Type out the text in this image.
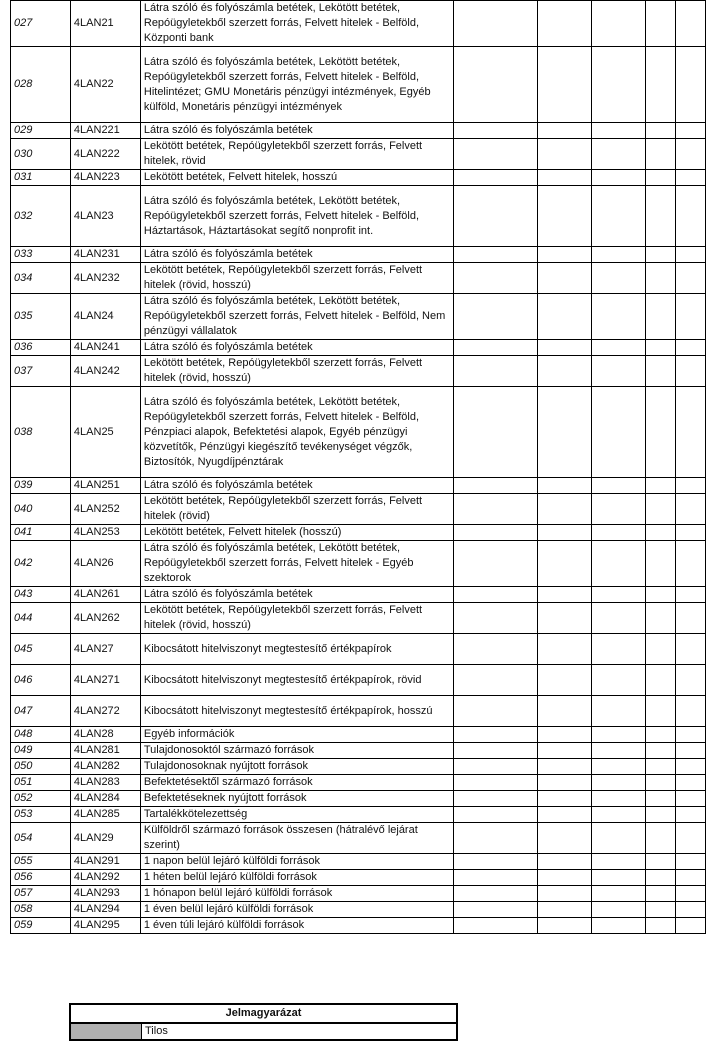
027	4LAN21	Látra szóló és folyószámla betétek, Lekötött betétek, Repóügyletekből szerzett forrás, Felvett hitelek - Belföld, Központi bank					
028	4LAN22	Látra szóló és folyószámla betétek, Lekötött betétek, Repóügyletekből szerzett forrás, Felvett hitelek - Belföld, Hitelintézet; GMU Monetáris pénzügyi intézmények, Egyéb külföld, Monetáris pénzügyi intézmények					
029	4LAN221	Látra szóló és folyószámla betétek					
030	4LAN222	Lekötött betétek, Repóügyletekből szerzett forrás, Felvett hitelek, rövid					
031	4LAN223	Lekötött betétek, Felvett hitelek, hosszú					
032	4LAN23	Látra szóló és folyószámla betétek, Lekötött betétek, Repóügyletekből szerzett forrás, Felvett hitelek - Belföld, Háztartások, Háztartásokat segítő nonprofit int.					
033	4LAN231	Látra szóló és folyószámla betétek					
034	4LAN232	Lekötött betétek, Repóügyletekből szerzett forrás, Felvett hitelek (rövid, hosszú)					
035	4LAN24	Látra szóló és folyószámla betétek, Lekötött betétek, Repóügyletekből szerzett forrás, Felvett hitelek - Belföld, Nem pénzügyi vállalatok					
036	4LAN241	Látra szóló és folyószámla betétek					
037	4LAN242	Lekötött betétek, Repóügyletekből szerzett forrás, Felvett hitelek (rövid, hosszú)					
038	4LAN25	Látra szóló és folyószámla betétek, Lekötött betétek, Repóügyletekből szerzett forrás, Felvett hitelek - Belföld, Pénzpiaci alapok, Befektetési alapok, Egyéb pénzügyi közvetítők, Pénzügyi kiegészítő tevékenységet végzők, Biztosítók, Nyugdíjpénztárak					
039	4LAN251	Látra szóló és folyószámla betétek					
040	4LAN252	Lekötött betétek, Repóügyletekből szerzett forrás, Felvett hitelek (rövid)					
041	4LAN253	Lekötött betétek, Felvett hitelek (hosszú)					
042	4LAN26	Látra szóló és folyószámla betétek, Lekötött betétek, Repóügyletekből szerzett forrás, Felvett hitelek - Egyéb szektorok					
043	4LAN261	Látra szóló és folyószámla betétek					
044	4LAN262	Lekötött betétek, Repóügyletekből szerzett forrás, Felvett hitelek (rövid, hosszú)					
045	4LAN27	Kibocsátott hitelviszonyt megtestesítő értékpapírok					
046	4LAN271	Kibocsátott hitelviszonyt megtestesítő értékpapírok, rövid					
047	4LAN272	Kibocsátott hitelviszonyt megtestesítő értékpapírok, hosszú					
048	4LAN28	Egyéb információk					
049	4LAN281	Tulajdonosoktól származó források					
050	4LAN282	Tulajdonosoknak nyújtott források					
051	4LAN283	Befektetésektől származó források					
052	4LAN284	Befektetéseknek nyújtott források					
053	4LAN285	Tartalékkötelezettség					
054	4LAN29	Külföldről származó források összesen (hátralévő lejárat szerint)					
055	4LAN291	1 napon belül lejáró külföldi források					
056	4LAN292	1 héten belül lejáró külföldi források					
057	4LAN293	1 hónapon belül lejáró külföldi források					
058	4LAN294	1 éven belül lejáró külföldi források					
059	4LAN295	1 éven túli lejáró külföldi források					
Jelmagyarázat
Tilos
